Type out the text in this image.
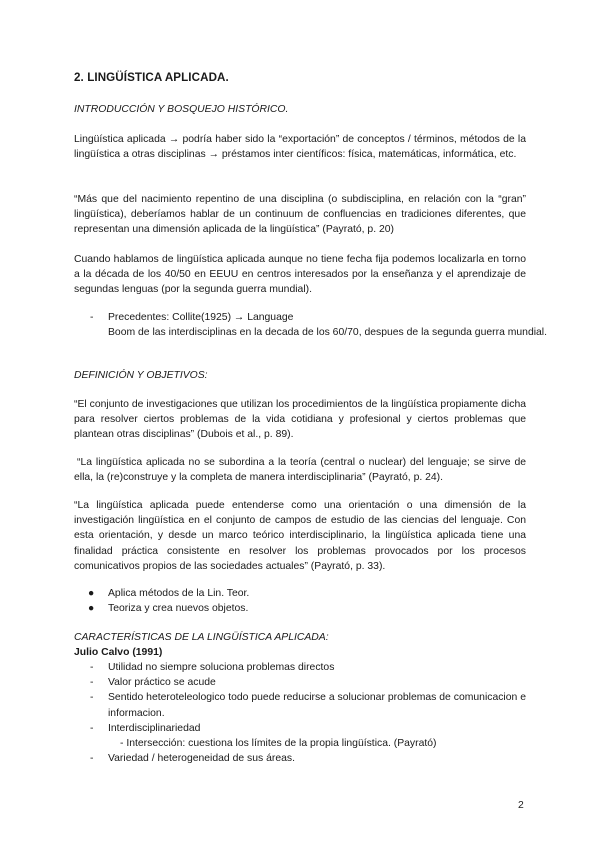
2. LINGÜÍSTICA APLICADA.
INTRODUCCIÓN Y BOSQUEJO HISTÓRICO.

Lingüística aplicada → podría haber sido la “exportación” de conceptos / términos, métodos de la lingüística a otras disciplinas → préstamos inter científicos: física, matemáticas, informática, etc.

“Más que del nacimiento repentino de una disciplina (o subdisciplina, en relación con la “gran” lingüística), deberíamos hablar de un continuum de confluencias en tradiciones diferentes, que representan una dimensión aplicada de la lingüística” (Payrató, p. 20)

Cuando hablamos de lingüística aplicada aunque no tiene fecha fija podemos localizarla en torno a la década de los 40/50 en EEUU en centros interesados por la enseñanza y el aprendizaje de segundas lenguas (por la segunda guerra mundial).

- Precedentes: Collite(1925) → Language
Boom de las interdisciplinas en la decada de los 60/70, despues de la segunda guerra mundial.
DEFINICIÓN Y OBJETIVOS:

“El conjunto de investigaciones que utilizan los procedimientos de la lingüística propiamente dicha para resolver ciertos problemas de la vida cotidiana y profesional y ciertos problemas que plantean otras disciplinas” (Dubois et al., p. 89).

“La lingüística aplicada no se subordina a la teoría (central o nuclear) del lenguaje; se sirve de ella, la (re)construye y la completa de manera interdisciplinaria” (Payrató, p. 24).

“La lingüística aplicada puede entenderse como una orientación o una dimensión de la investigación lingüística en el conjunto de campos de estudio de las ciencias del lenguaje. Con esta orientación, y desde un marco teórico interdisciplinario, la lingüística aplicada tiene una finalidad práctica consistente en resolver los problemas provocados por los procesos comunicativos propios de las sociedades actuales” (Payrató, p. 33).

● Aplica métodos de la Lin. Teor.
● Teoriza y crea nuevos objetos.
CARACTERÍSTICAS DE LA LINGÜÍSTICA APLICADA:
Julio Calvo (1991)
- Utilidad no siempre soluciona problemas directos
- Valor práctico se acude
- Sentido heteroteleologico todo puede reducirse a solucionar problemas de comunicacion e informacion.
- Interdisciplinariedad
- Intersección: cuestiona los límites de la propia lingüística. (Payrató)
- Variedad / heterogeneidad de sus áreas.
2
